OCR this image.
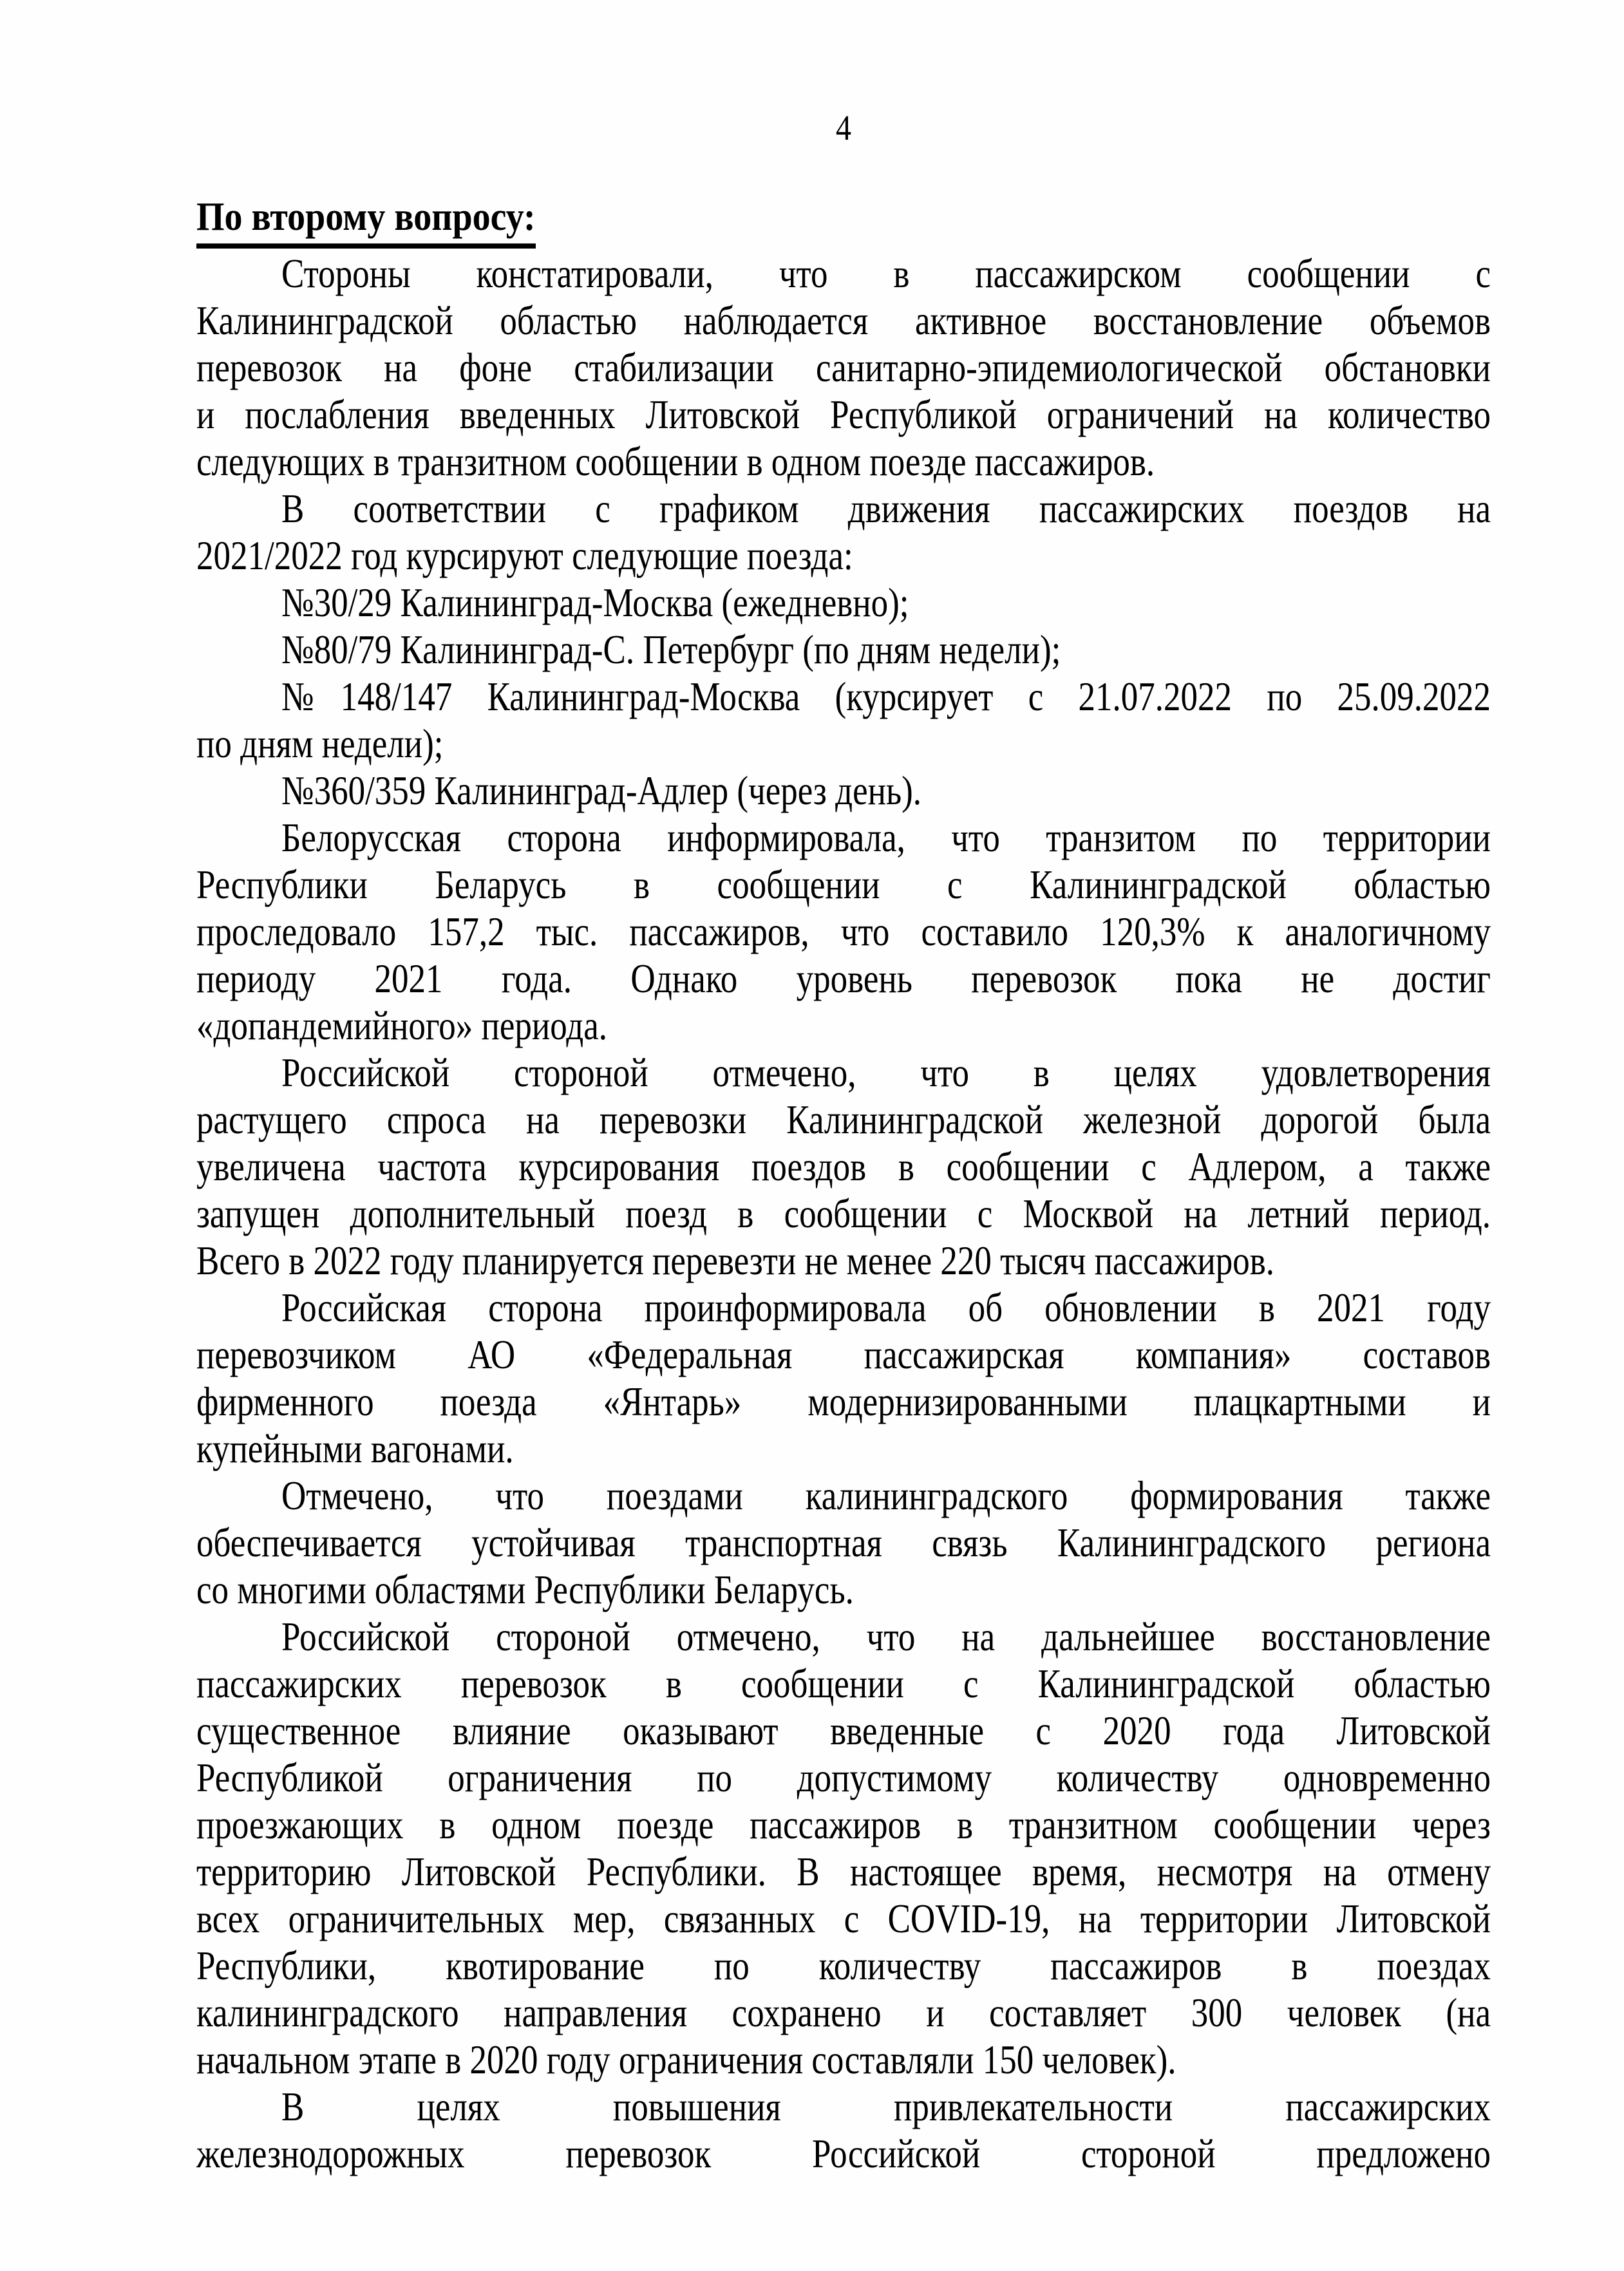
4
По второму вопросу:
Стороны констатировали, что в пассажирском сообщении с
Калининградской областью наблюдается активное восстановление объемов
перевозок на фоне стабилизации санитарно-эпидемиологической обстановки
и послабления введенных Литовской Республикой ограничений на количество
следующих в транзитном сообщении в одном поезде пассажиров.
В соответствии с графиком движения пассажирских поездов на
2021/2022 год курсируют следующие поезда:
№30/29 Калининград-Москва (ежедневно);
№80/79 Калининград-С. Петербург (по дням недели);
№148/147 Калининград-Москва (курсирует с 21.07.2022 по 25.09.2022
по дням недели);
№360/359 Калининград-Адлер (через день).
Белорусская сторона информировала, что транзитом по территории
Республики Беларусь в сообщении с Калининградской областью
проследовало 157,2 тыс. пассажиров, что составило 120,3% к аналогичному
периоду 2021 года. Однако уровень перевозок пока не достиг
«допандемийного» периода.
Российской стороной отмечено, что в целях удовлетворения
растущего спроса на перевозки Калининградской железной дорогой была
увеличена частота курсирования поездов в сообщении с Адлером, а также
запущен дополнительный поезд в сообщении с Москвой на летний период.
Всего в 2022 году планируется перевезти не менее 220 тысяч пассажиров.
Российская сторона проинформировала об обновлении в 2021 году
перевозчиком АО «Федеральная пассажирская компания» составов
фирменного поезда «Янтарь» модернизированными плацкартными и
купейными вагонами.
Отмечено, что поездами калининградского формирования также
обеспечивается устойчивая транспортная связь Калининградского региона
со многими областями Республики Беларусь.
Российской стороной отмечено, что на дальнейшее восстановление
пассажирских перевозок в сообщении с Калининградской областью
существенное влияние оказывают введенные с 2020 года Литовской
Республикой ограничения по допустимому количеству одновременно
проезжающих в одном поезде пассажиров в транзитном сообщении через
территорию Литовской Республики. В настоящее время, несмотря на отмену
всех ограничительных мер, связанных с COVID-19, на территории Литовской
Республики, квотирование по количеству пассажиров в поездах
калининградского направления сохранено и составляет 300 человек (на
начальном этапе в 2020 году ограничения составляли 150 человек).
В целях повышения привлекательности пассажирских
железнодорожных перевозок Российской стороной предложено
